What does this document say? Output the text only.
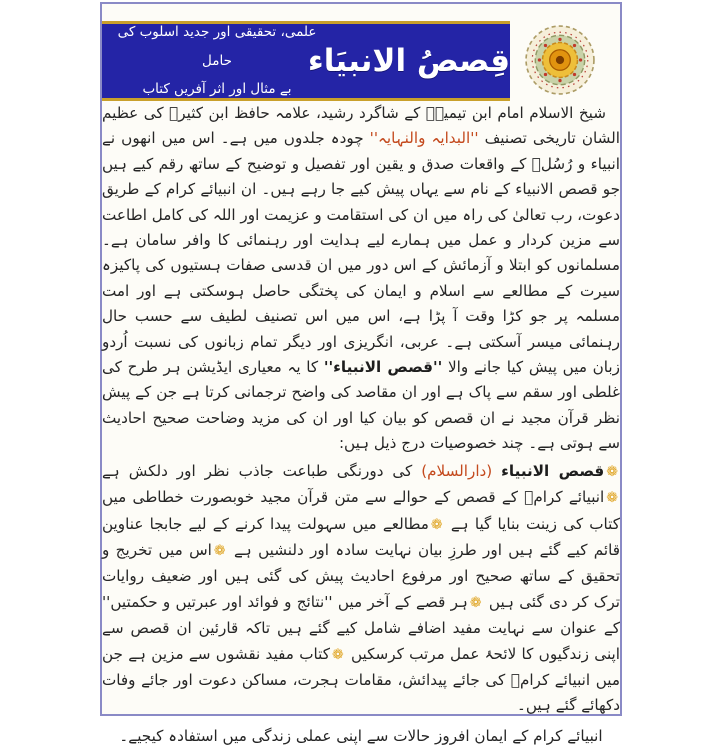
قِصصُ الانبیَاء
علمی، تحقیقی اور جدید اسلوب کی حامل
بے مثال اور اثر آفریں کتاب

شیخ الاسلام امام ابن تیمیہؒ کے شاگرد رشید، علامہ حافظ ابن کثیرؒ کی عظیم الشان تاریخی تصنیف ''البدایہ والنہایہ'' چودہ جلدوں میں ہے۔ اس میں انھوں نے انبیاء و رُسُلؑ کے واقعات صدق و یقین اور تفصیل و توضیح کے ساتھ رقم کیے ہیں جو قصص الانبیاء کے نام سے یہاں پیش کیے جا رہے ہیں۔ ان انبیائے کرام کے طریق دعوت، رب تعالیٰ کی راہ میں ان کی استقامت و عزیمت اور اللہ کی کامل اطاعت سے مزین کردار و عمل میں ہمارے لیے ہدایت اور رہنمائی کا وافر سامان ہے۔ مسلمانوں کو ابتلا و آزمائش کے اس دور میں ان قدسی صفات ہستیوں کی پاکیزہ سیرت کے مطالعے سے اسلام و ایمان کی پختگی حاصل ہوسکتی ہے اور امت مسلمہ پر جو کڑا وقت آ پڑا ہے، اس میں اس تصنیف لطیف سے حسب حال رہنمائی میسر آسکتی ہے۔ عربی، انگریزی اور دیگر تمام زبانوں کی نسبت اُردو زبان میں پیش کیا جانے والا ''قصص الانبیاء'' کا یہ معیاری ایڈیشن ہر طرح کی غلطی اور سقم سے پاک ہے اور ان مقاصد کی واضح ترجمانی کرتا ہے جن کے پیش نظر قرآن مجید نے ان قصص کو بیان کیا اور ان کی مزید وضاحت صحیح احادیث سے ہوتی ہے۔ چند خصوصیات درج ذیل ہیں:

❁قصص الانبیاء (دارالسلام) کی دورنگی طباعت جاذب نظر اور دلکش ہے ❁انبیائے کرامؑ کے قصص کے حوالے سے متن قرآن مجید خوبصورت خطاطی میں کتاب کی زینت بنایا گیا ہے ❁مطالعے میں سہولت پیدا کرنے کے لیے جابجا عناوین قائم کیے گئے ہیں اور طرزِ بیان نہایت سادہ اور دلنشیں ہے ❁اس میں تخریج و تحقیق کے ساتھ صحیح اور مرفوع احادیث پیش کی گئی ہیں اور ضعیف روایات ترک کر دی گئی ہیں ❁ہر قصے کے آخر میں ''نتائج و فوائد اور عبرتیں و حکمتیں'' کے عنوان سے نہایت مفید اضافے شامل کیے گئے ہیں تاکہ قارئین ان قصص سے اپنی زندگیوں کا لائحۂ عمل مرتب کرسکیں ❁کتاب مفید نقشوں سے مزین ہے جن میں انبیائے کرامؑ کی جائے پیدائش، مقامات ہجرت، مساکن دعوت اور جائے وفات دکھائے گئے ہیں۔

انبیائے کرام کے ایمان افروز حالات سے اپنی عملی زندگی میں استفادہ کیجیے۔
